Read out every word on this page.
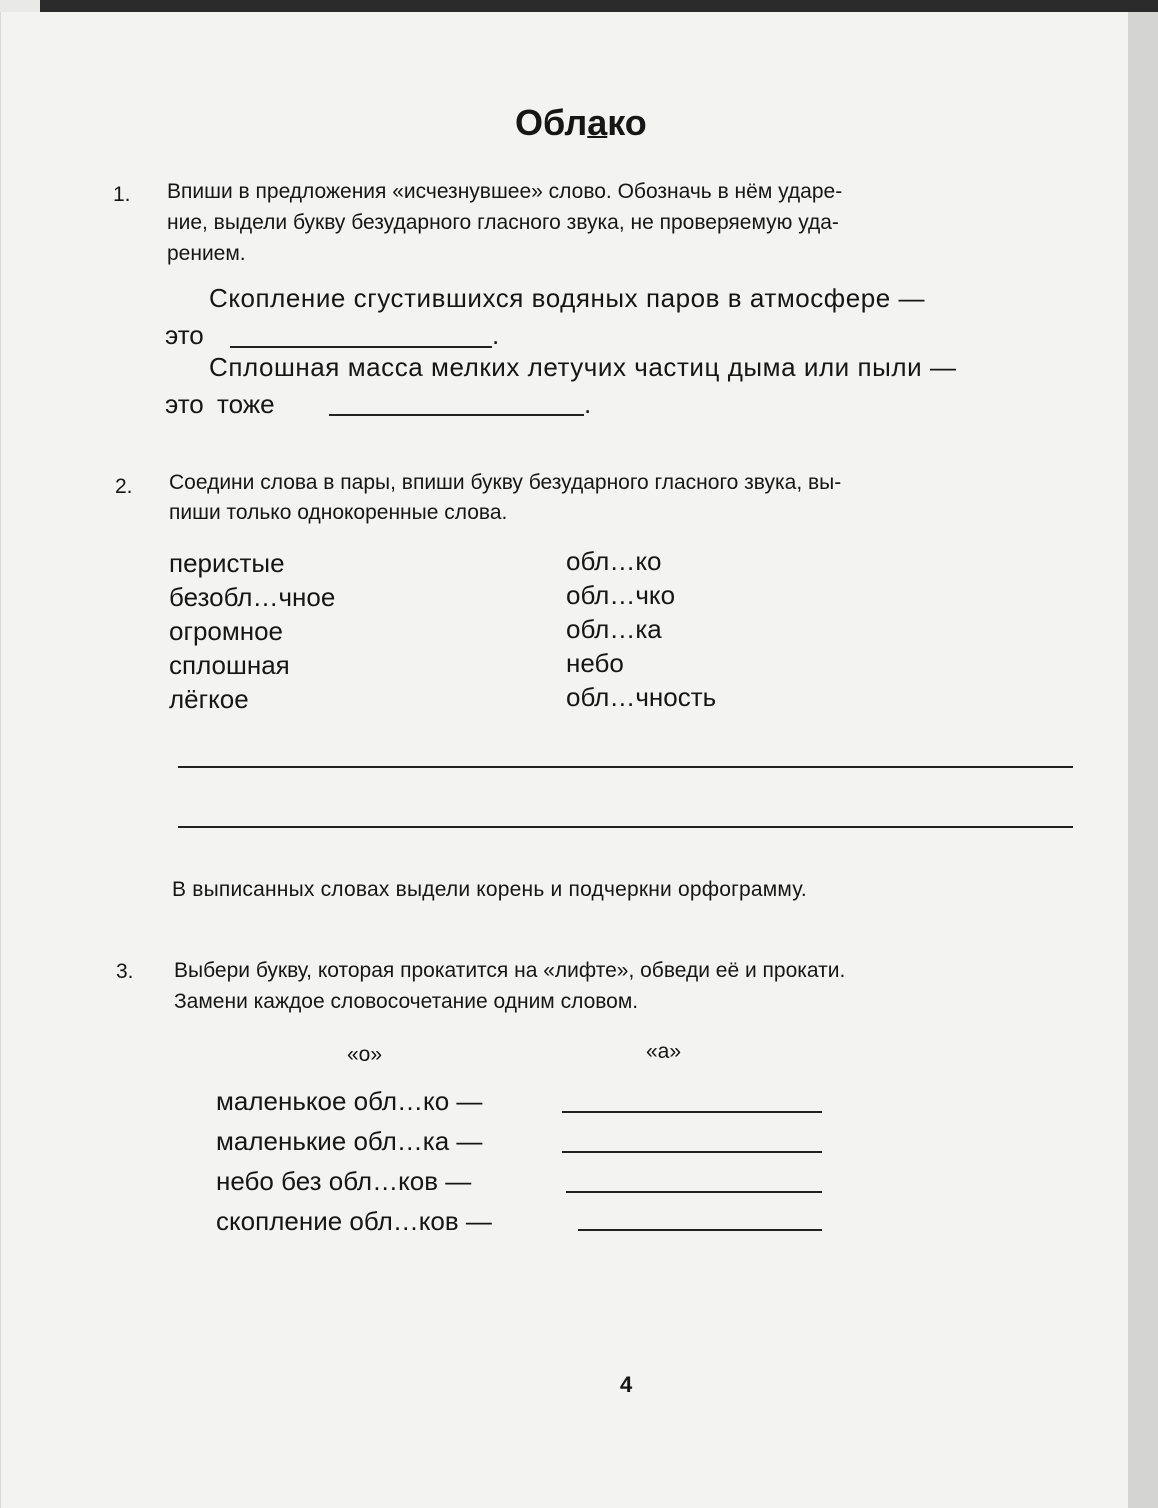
Облако
1. Впиши в предложения «исчезнувшее» слово. Обозначь в нём ударе-
ние, выдели букву безударного гласного звука, не проверяемую уда-
рением.
Скопление сгустившихся водяных паров в атмосфере —
это	.
Сплошная масса мелких летучих частиц дыма или пыли —
это тоже	.
2. Соедини слова в пары, впиши букву безударного гласного звука, вы-
пиши только однокоренные слова.
перистые
безобл…чное
огромное
сплошная
лёгкое
обл…ко
обл…чко
обл…ка
небо
обл…чность
В выписанных словах выдели корень и подчеркни орфограмму.
3. Выбери букву, которая прокатится на «лифте», обведи её и прокати.
Замени каждое словосочетание одним словом.
«о»	«а»
маленькое обл…ко —
маленькие обл…ка —
небо без обл…ков —
скопление обл…ков —
4
